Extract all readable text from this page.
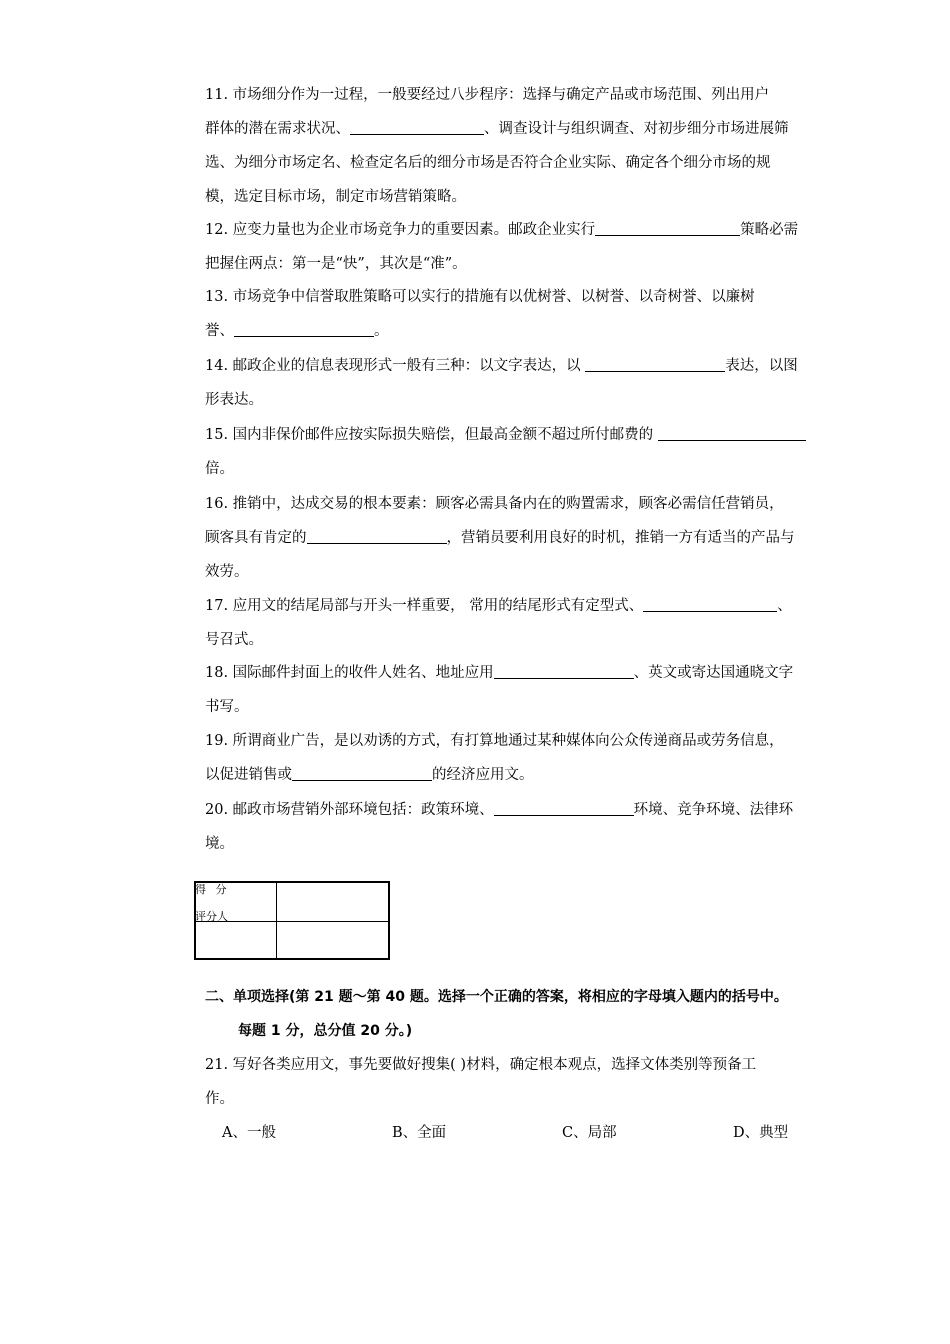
11. 市场细分作为一过程，一般要经过八步程序：选择与确定产品或市场范围、列出用户
群体的潜在需求状况、	、调查设计与组织调查、对初步细分市场进展筛
选、为细分市场定名、检查定名后的细分市场是否符合企业实际、确定各个细分市场的规
模，选定目标市场，制定市场营销策略。
12. 应变力量也为企业市场竞争力的重要因素。邮政企业实行	策略必需
把握住两点：第一是“快”，其次是“准”。
13. 市场竞争中信誉取胜策略可以实行的措施有以优树誉、以树誉、以奇树誉、以廉树
誉、	。
14. 邮政企业的信息表现形式一般有三种：以文字表达，以	表达，以图
形表达。
15. 国内非保价邮件应按实际损失赔偿，但最高金额不超过所付邮费的
倍。
16. 推销中，达成交易的根本要素：顾客必需具备内在的购置需求，顾客必需信任营销员，
顾客具有肯定的	，营销员要利用良好的时机，推销一方有适当的产品与
效劳。
17. 应用文的结尾局部与开头一样重要， 常用的结尾形式有定型式、	、
号召式。
18. 国际邮件封面上的收件人姓名、地址应用	、英文或寄达国通晓文字
书写。
19. 所谓商业广告，是以劝诱的方式，有打算地通过某种媒体向公众传递商品或劳务信息，
以促进销售或	的经济应用文。
20. 邮政市场营销外部环境包括：政策环境、	环境、竞争环境、法律环
境。
得 分
评分人
二、单项选择(第 21 题～第 40 题。选择一个正确的答案，将相应的字母填入题内的括号中。
每题 1 分，总分值 20 分。)
21. 写好各类应用文，事先要做好搜集( )材料，确定根本观点，选择文体类别等预备工
作。
A、一般	B、全面	C、局部	D、典型
